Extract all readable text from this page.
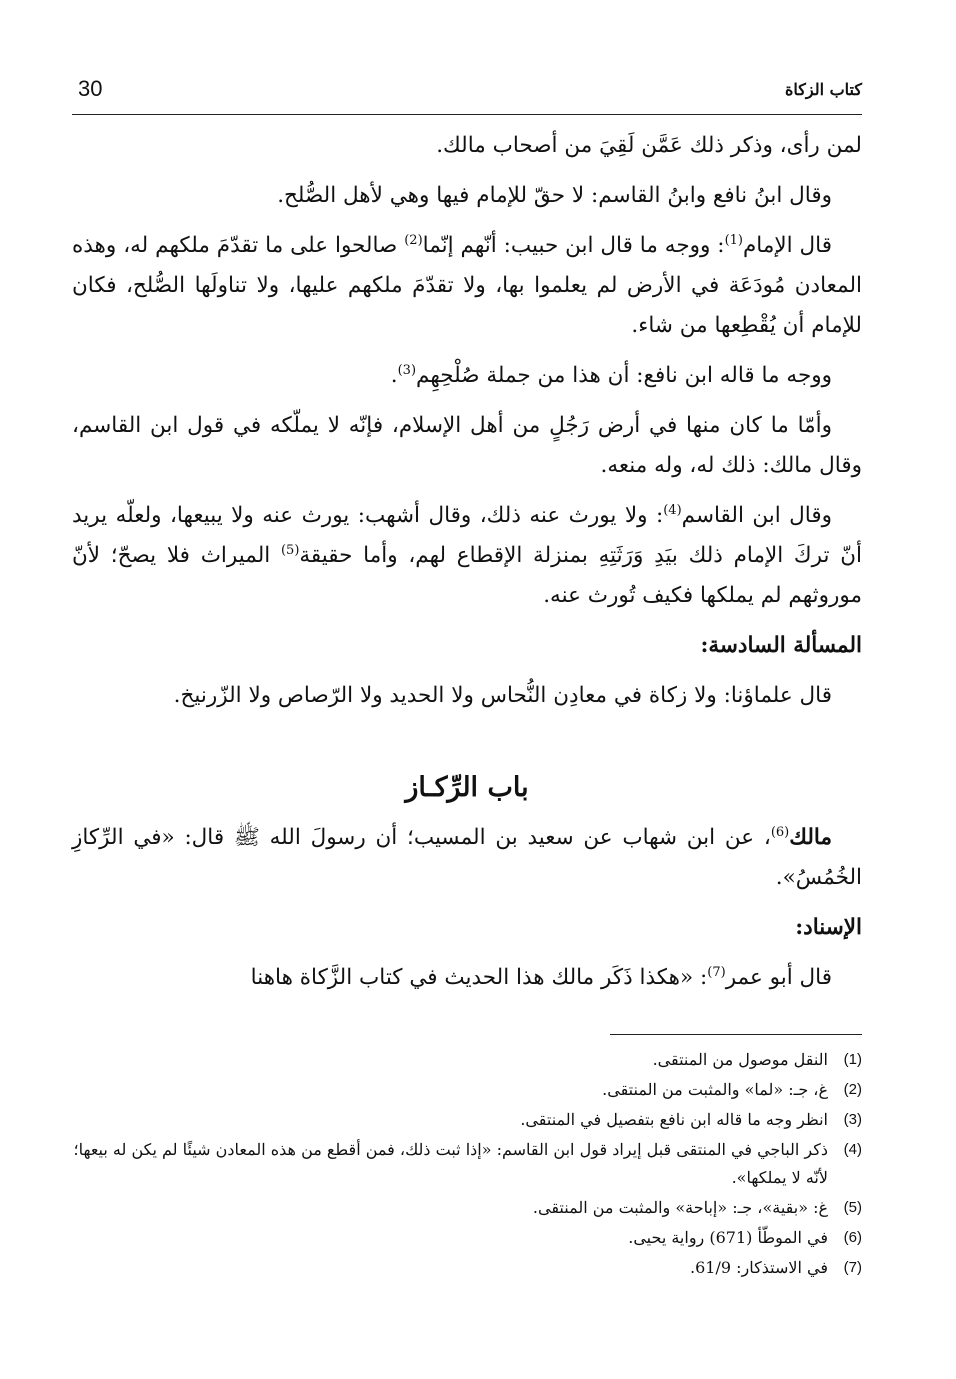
30	كتاب الزكاة

لمن رأى، وذكر ذلك عَمَّن لَقِيَ من أصحاب مالك.

وقال ابنُ نافع وابنُ القاسم: لا حقّ للإمام فيها وهي لأهل الصُّلح.

قال الإمام$^{(1)}$: ووجه ما قال ابن حبيب: أنّهم إنّما$^{(2)}$ صالحوا على ما تقدّمَ ملكهم له، وهذه المعادن مُودَعَة في الأرض لم يعلموا بها، ولا تقدّمَ ملكهم عليها، ولا تناولَها الصُّلح، فكان للإمام أن يُقْطِعها من شاء.

ووجه ما قاله ابن نافع: أن هذا من جملة صُلْحِهِم$^{(3)}$.

وأمّا ما كان منها في أرض رَجُلٍ من أهل الإسلام، فإنّه لا يملّكه في قول ابن القاسم، وقال مالك: ذلك له، وله منعه.

وقال ابن القاسم$^{(4)}$: ولا يورث عنه ذلك، وقال أشهب: يورث عنه ولا يبيعها، ولعلّه يريد أنّ تركَ الإمام ذلك بيَدِ وَرَثَتِهِ بمنزلة الإقطاع لهم، وأما حقيقة$^{(5)}$ الميراث فلا يصحّ؛ لأنّ موروثهم لم يملكها فكيف تُورث عنه.

المسألة السادسة:

قال علماؤنا: ولا زكاة في معادِن النُّحاس ولا الحديد ولا الرّصاص ولا الزّرنيخ.

باب الرِّكـاز

مالك$^{(6)}$، عن ابن شهاب عن سعيد بن المسيب؛ أن رسولَ الله ﷺ قال: «في الرِّكازِ الخُمُسُ».

الإسناد:

قال أبو عمر$^{(7)}$: «هكذا ذَكَر مالك هذا الحديث في كتاب الزَّكاة هاهنا

(1)
النقل موصول من المنتقى.
(2)
غ، جـ: «لما» والمثبت من المنتقى.
(3)
انظر وجه ما قاله ابن نافع بتفصيل في المنتقى.
(4)
ذكر الباجي في المنتقى قبل إيراد قول ابن القاسم: «إذا ثبت ذلك، فمن أقطع من هذه المعادن شيئًا لم يكن له بيعها؛ لأنّه لا يملكها».
(5)
غ: «بقية»، جـ: «إباحة» والمثبت من المنتقى.
(6)
في الموطّأ (671) رواية يحيى.
(7)
في الاستذكار: 61/9.
